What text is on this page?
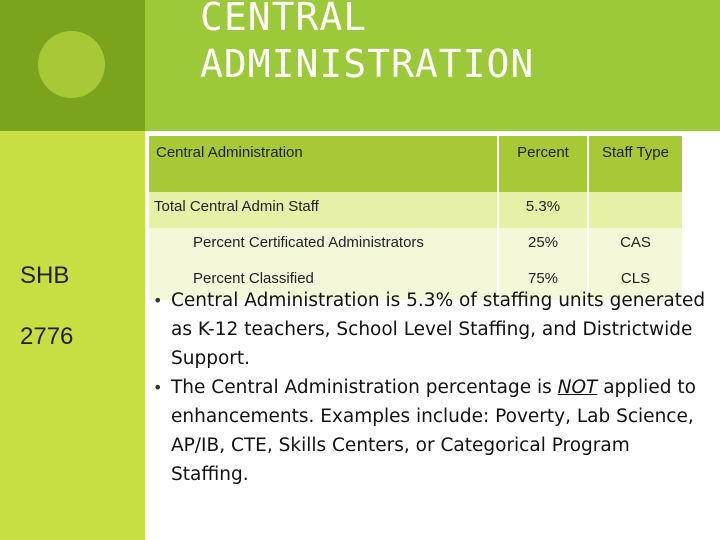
CENTRAL
ADMINISTRATION
SHB
2776
Central Administration	Percent	Staff Type
Total Central Admin Staff	5.3%	
Percent Certificated Administrators	25%	CAS
Percent Classified	75%	CLS
• Central Administration is 5.3% of staffing units generated as K-12 teachers, School Level Staffing, and Districtwide Support.
• The Central Administration percentage is NOT applied to enhancements. Examples include: Poverty, Lab Science, AP/IB, CTE, Skills Centers, or Categorical Program Staffing.
